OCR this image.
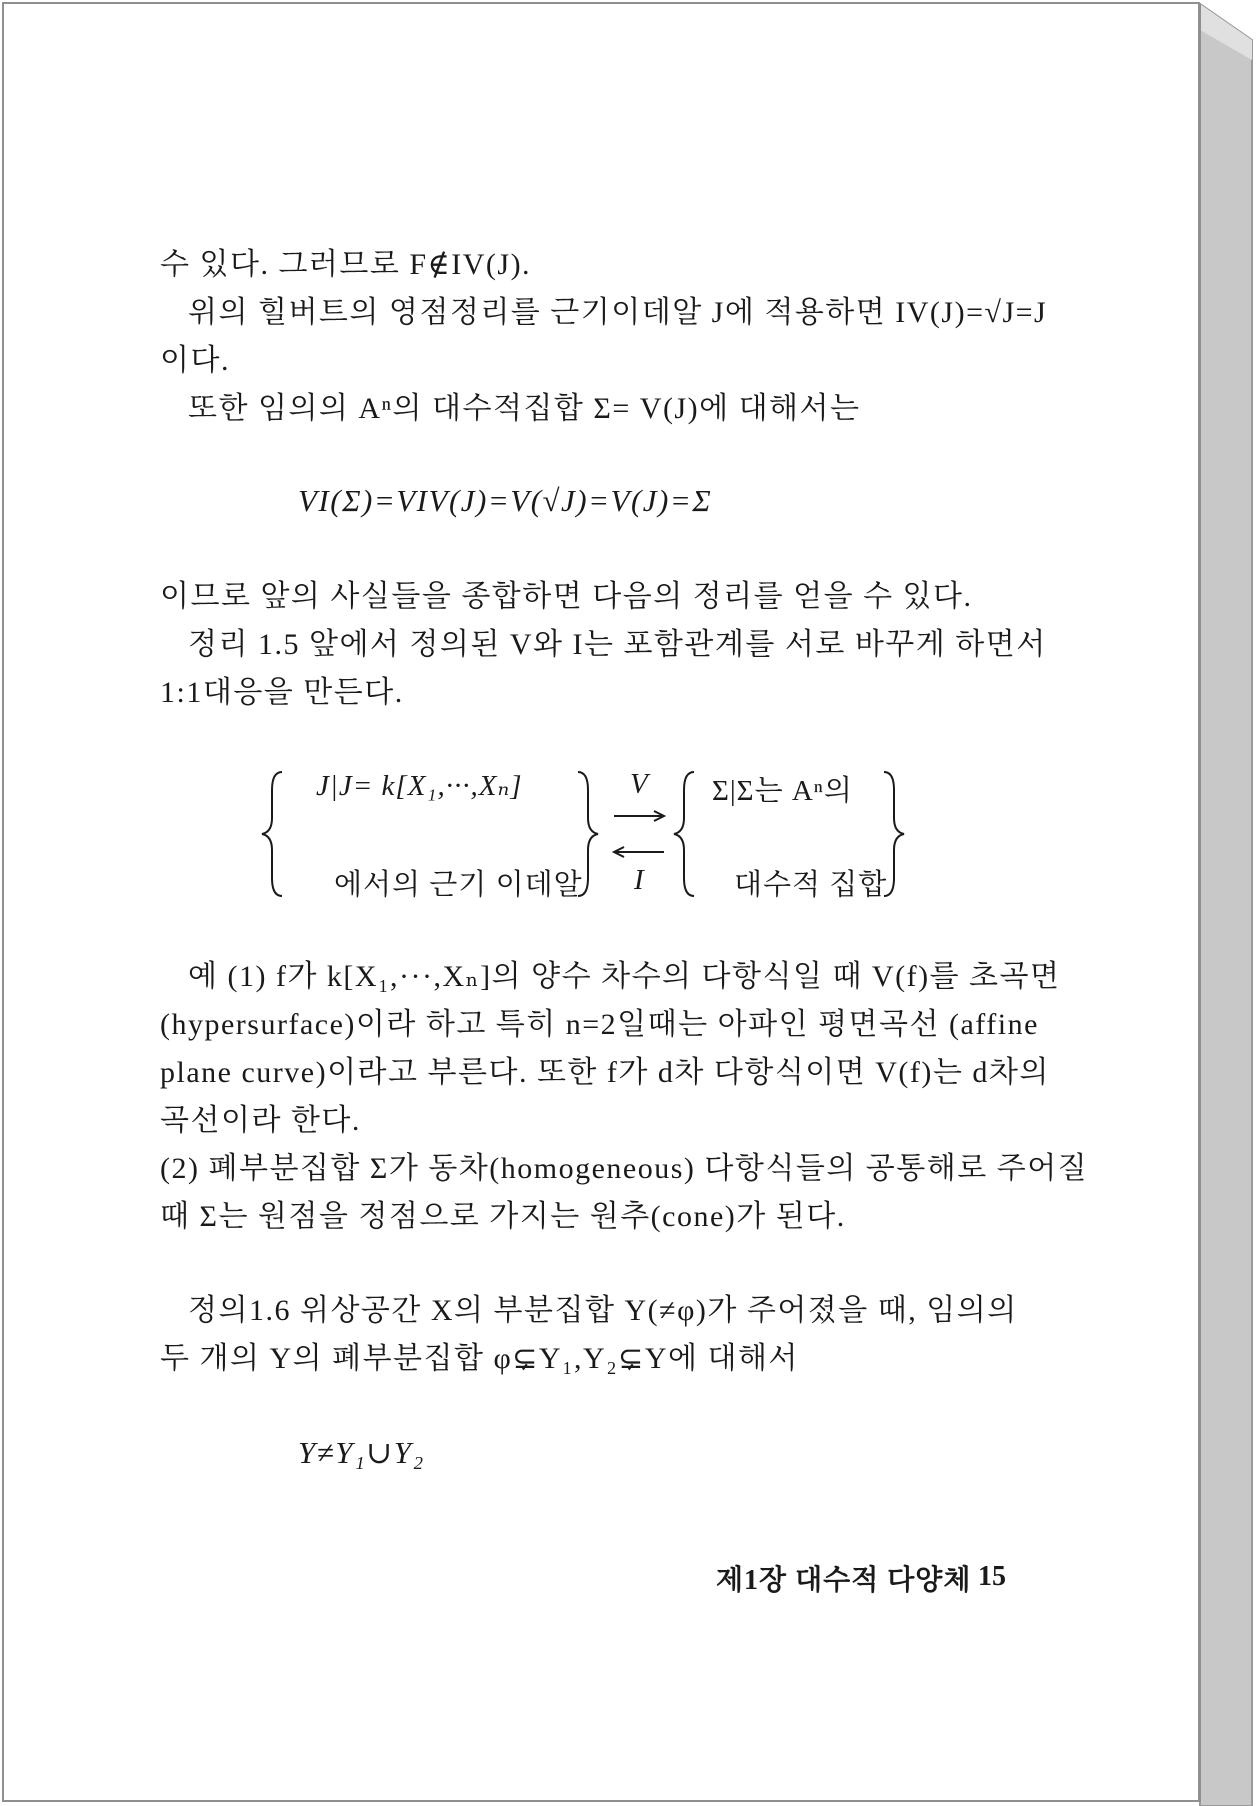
수 있다. 그러므로 F∉IV(J).
위의 힐버트의 영점정리를 근기이데알 J에 적용하면 IV(J)=√J=J
이다.
또한 임의의 Aⁿ의 대수적집합 Σ= V(J)에 대해서는
VI(Σ)=VIV(J)=V(√J)=V(J)=Σ
이므로 앞의 사실들을 종합하면 다음의 정리를 얻을 수 있다.
정리 1.5 앞에서 정의된 V와 I는 포함관계를 서로 바꾸게 하면서
1:1대응을 만든다.
예 (1) f가 k[X₁,···,Xₙ]의 양수 차수의 다항식일 때 V(f)를 초곡면
(hypersurface)이라 하고 특히 n=2일때는 아파인 평면곡선 (affine
plane curve)이라고 부른다. 또한 f가 d차 다항식이면 V(f)는 d차의
곡선이라 한다.
(2) 폐부분집합 Σ가 동차(homogeneous) 다항식들의 공통해로 주어질
때 Σ는 원점을 정점으로 가지는 원추(cone)가 된다.
정의1.6 위상공간 X의 부분집합 Y(≠φ)가 주어졌을 때, 임의의
두 개의 Y의 폐부분집합 φ⊊Y₁,Y₂⊊Y에 대해서
Y≠Y₁∪Y₂
J|J= k[X₁,···,Xₙ]
에서의 근기 이데알
V
I
Σ|Σ는 Aⁿ의
대수적 집합
제1장 대수적 다양체 15
